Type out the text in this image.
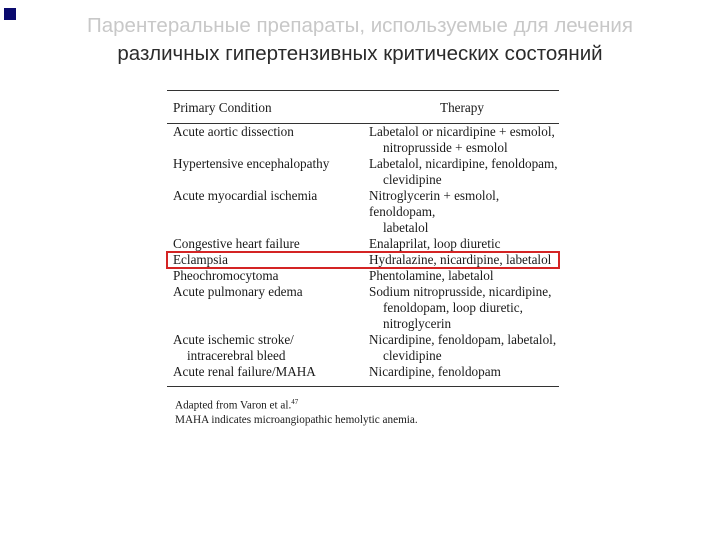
Парентеральные препараты, используемые для лечения
различных гипертензивных критических состояний
Primary Condition	Therapy

Acute aortic dissection	Labetalol or nicardipine + esmolol,
nitroprusside + esmolol

Hypertensive encephalopathy	Labetalol, nicardipine, fenoldopam,
clevidipine

Acute myocardial ischemia	Nitroglycerin + esmolol, fenoldopam,
labetalol

Congestive heart failure	Enalaprilat, loop diuretic

Eclampsia	Hydralazine, nicardipine, labetalol

Pheochromocytoma	Phentolamine, labetalol

Acute pulmonary edema	Sodium nitroprusside, nicardipine,
fenoldopam, loop diuretic,
nitroglycerin

Acute ischemic stroke/
intracerebral bleed	Nicardipine, fenoldopam, labetalol,
clevidipine

Acute renal failure/MAHA	Nicardipine, fenoldopam
Adapted from Varon et al.$^{47}$
MAHA indicates microangiopathic hemolytic anemia.
